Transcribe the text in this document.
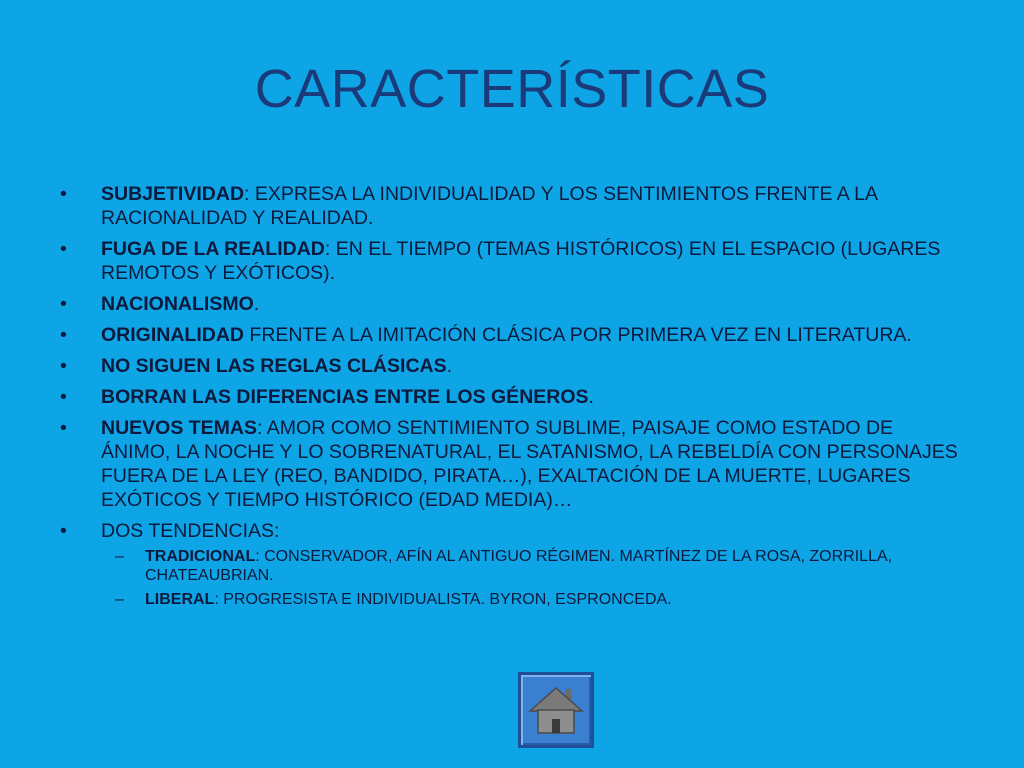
CARACTERÍSTICAS
• SUBJETIVIDAD: EXPRESA LA INDIVIDUALIDAD Y LOS SENTIMIENTOS FRENTE A LA RACIONALIDAD Y REALIDAD.
• FUGA DE LA REALIDAD: EN EL TIEMPO (TEMAS HISTÓRICOS) EN EL ESPACIO (LUGARES REMOTOS Y EXÓTICOS).
• NACIONALISMO.
• ORIGINALIDAD FRENTE A LA IMITACIÓN CLÁSICA POR PRIMERA VEZ EN LITERATURA.
• NO SIGUEN LAS REGLAS CLÁSICAS.
• BORRAN LAS DIFERENCIAS ENTRE LOS GÉNEROS.
• NUEVOS TEMAS: AMOR COMO SENTIMIENTO SUBLIME, PAISAJE COMO ESTADO DE ÁNIMO, LA NOCHE Y LO SOBRENATURAL, EL SATANISMO, LA REBELDÍA CON PERSONAJES FUERA DE LA LEY (REO, BANDIDO, PIRATA…), EXALTACIÓN DE LA MUERTE, LUGARES EXÓTICOS Y TIEMPO HISTÓRICO (EDAD MEDIA)…
• DOS TENDENCIAS:
– TRADICIONAL: CONSERVADOR, AFÍN AL ANTIGUO RÉGIMEN. MARTÍNEZ DE LA ROSA, ZORRILLA, CHATEAUBRIAN.
– LIBERAL: PROGRESISTA E INDIVIDUALISTA. BYRON, ESPRONCEDA.
